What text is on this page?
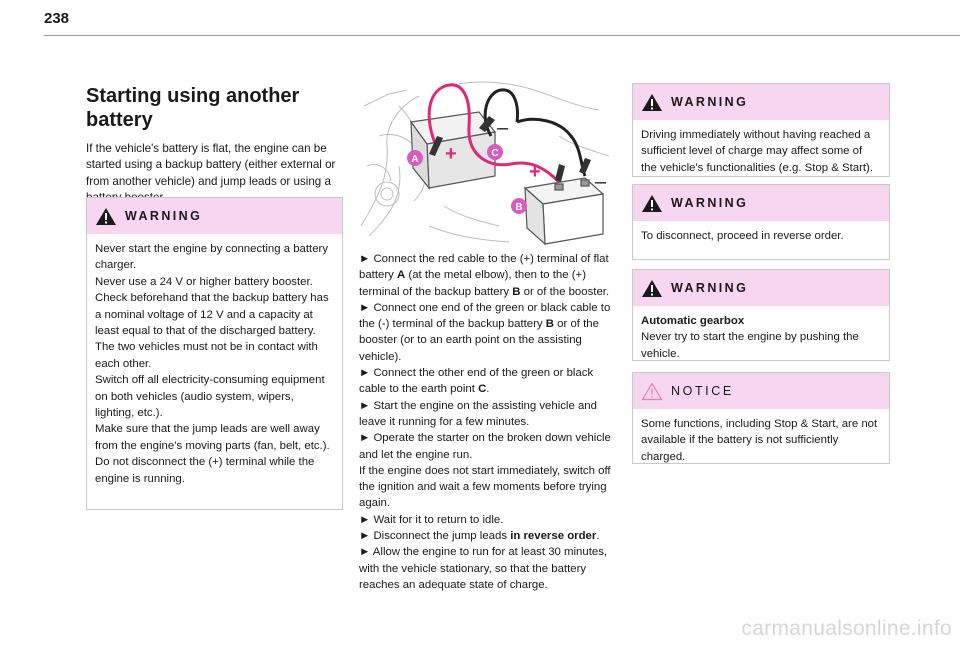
238
Starting using another
battery

If the vehicle's battery is flat, the engine can be started using a backup battery (either external or from another vehicle) and jump leads or using a

WARNING
Never start the engine by connecting a battery charger.
Never use a 24 V or higher battery booster.
Check beforehand that the backup battery has a nominal voltage of 12 V and a capacity at least equal to that of the discharged battery.
The two vehicles must not be in contact with each other.
Switch off all electricity-consuming equipment on both vehicles (audio system, wipers, lighting, etc.).
Make sure that the jump leads are well away from the engine’s moving parts (fan, belt, etc.).
Do not disconnect the (+) terminal while the engine is running.
+
–
+	–
A
B
C
► Connect the red cable to the (+) terminal of flat battery A (at the metal elbow), then to the (+) terminal of the backup battery B or of the booster.
► Connect one end of the green or black cable to the (-) terminal of the backup battery B or of the booster (or to an earth point on the assisting vehicle).
► Connect the other end of the green or black cable to the earth point C.
► Start the engine on the assisting vehicle and leave it running for a few minutes.
► Operate the starter on the broken down vehicle and let the engine run.
If the engine does not start immediately, switch off the ignition and wait a few moments before trying again.
► Wait for it to return to idle.
► Disconnect the jump leads in reverse order.
► Allow the engine to run for at least 30 minutes, with the vehicle stationary, so that the battery reaches an adequate state of charge.
WARNING
Driving immediately without having reached a sufficient level of charge may affect some of the vehicle's functionalities (e.g. Stop & Start).
WARNING
To disconnect, proceed in reverse order.
WARNING
Automatic gearbox
Never try to start the engine by pushing the vehicle.
NOTICE
Some functions, including Stop & Start, are not available if the battery is not sufficiently charged.
carmanualsonline.info
